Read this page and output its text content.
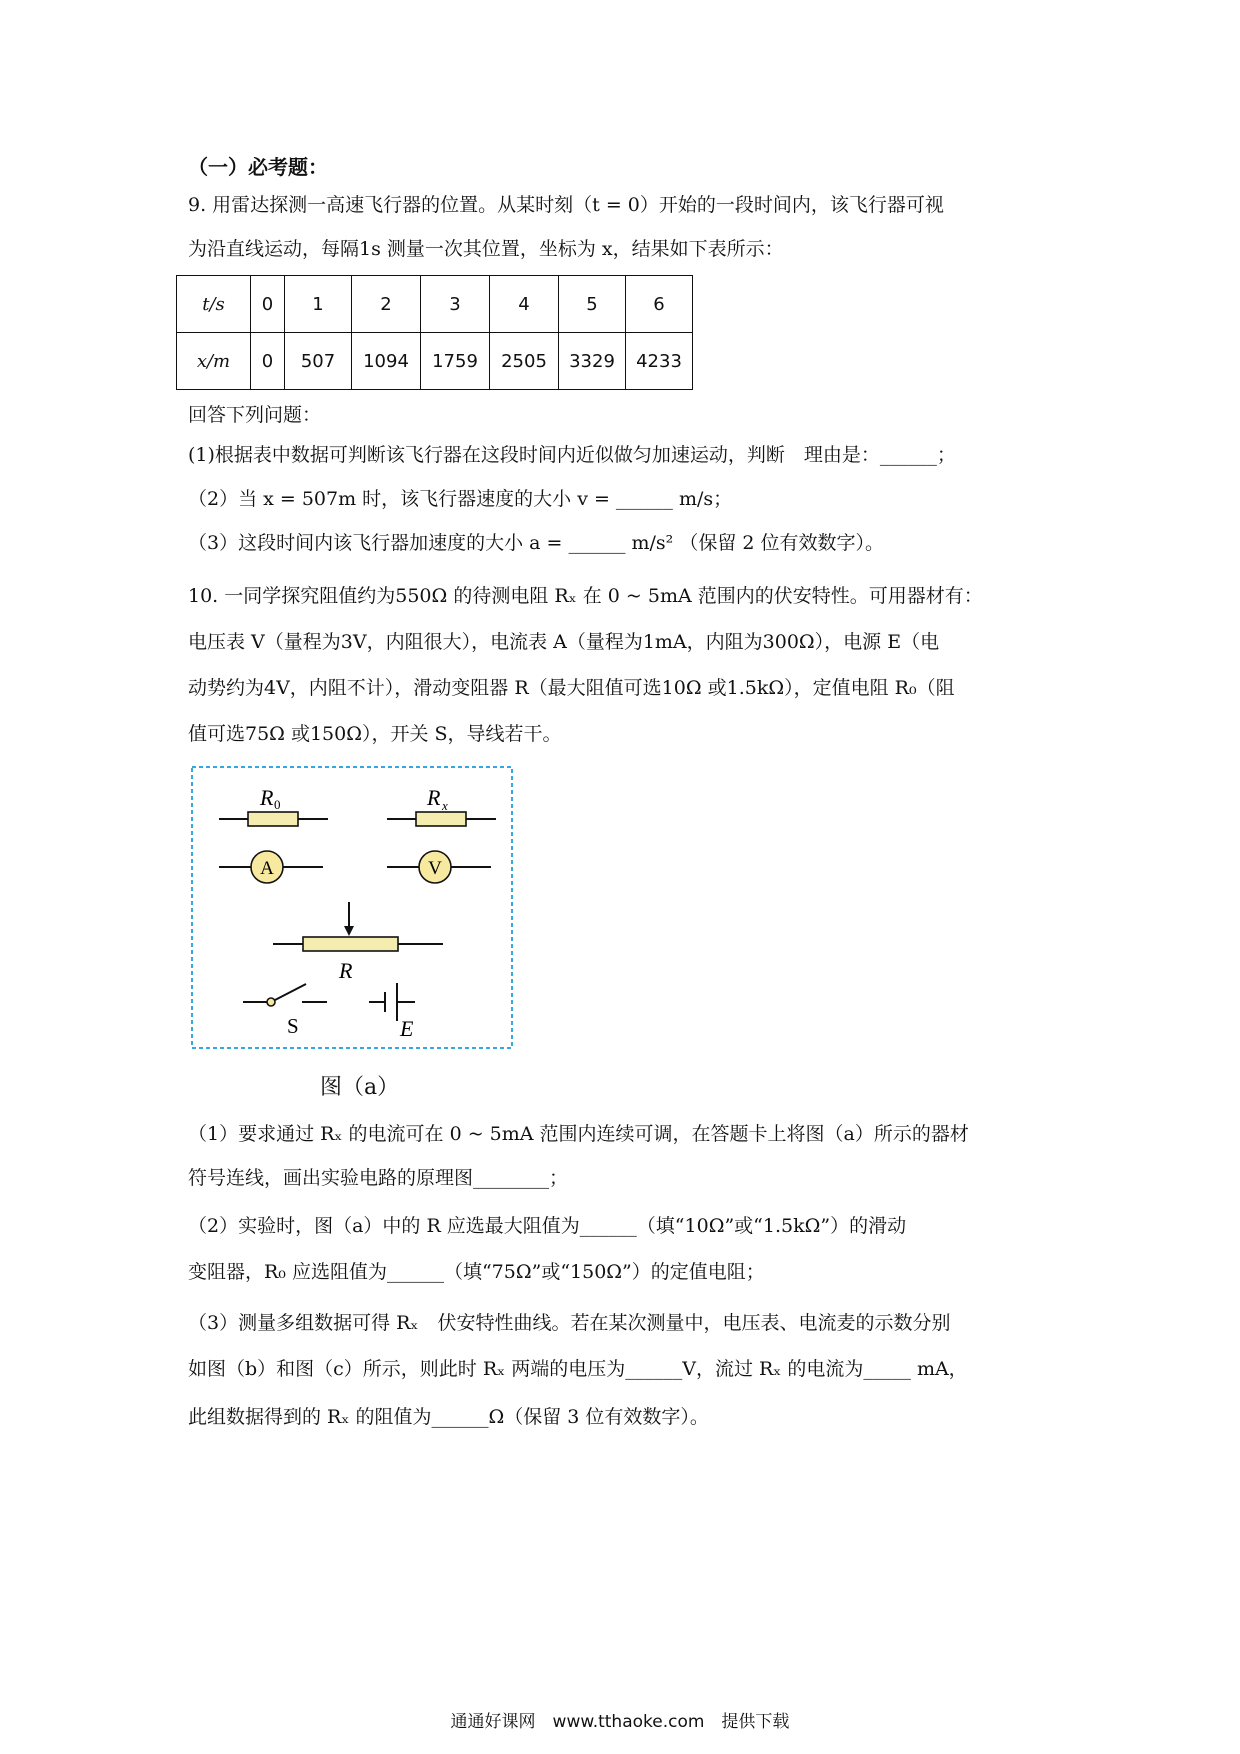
（一）必考题：
9. 用雷达探测一高速飞行器的位置。从某时刻（t = 0）开始的一段时间内，该飞行器可视
为沿直线运动，每隔1s 测量一次其位置，坐标为 x，结果如下表所示：
t/s	0	1	2	3	4	5	6
x/m	0	507	1094	1759	2505	3329	4233
回答下列问题：
(1)根据表中数据可判断该飞行器在这段时间内近似做匀加速运动，判断　理由是：______；
（2）当 x = 507m 时，该飞行器速度的大小 v = ______ m/s；
（3）这段时间内该飞行器加速度的大小 a = ______ m/s² （保留 2 位有效数字）。
10. 一同学探究阻值约为550Ω 的待测电阻 Rₓ 在 0 ~ 5mA 范围内的伏安特性。可用器材有：
电压表 V（量程为3V，内阻很大），电流表 A（量程为1mA，内阻为300Ω），电源 E（电
动势约为4V，内阻不计），滑动变阻器 R（最大阻值可选10Ω 或1.5kΩ），定值电阻 R₀（阻
值可选75Ω 或150Ω），开关 S，导线若干。
R 0	R x
A	V
R
S	E
图（a）
（1）要求通过 Rₓ 的电流可在 0 ~ 5mA 范围内连续可调，在答题卡上将图（a）所示的器材
符号连线，画出实验电路的原理图________；
（2）实验时，图（a）中的 R 应选最大阻值为______（填“10Ω”或“1.5kΩ”）的滑动
变阻器，R₀ 应选阻值为______（填“75Ω”或“150Ω”）的定值电阻；
（3）测量多组数据可得 Rₓ　伏安特性曲线。若在某次测量中，电压表、电流麦的示数分别
如图（b）和图（c）所示，则此时 Rₓ 两端的电压为______V，流过 Rₓ 的电流为_____ mA，
此组数据得到的 Rₓ 的阻值为______Ω（保留 3 位有效数字）。
通通好课网　www.tthaoke.com　提供下载
